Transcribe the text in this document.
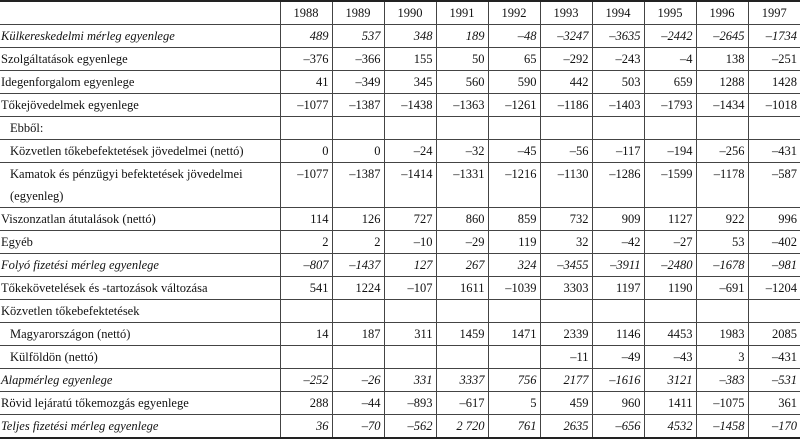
	1988	1989	1990	1991	1992	1993	1994	1995	1996	1997
Külkereskedelmi mérleg egyenlege	489	537	348	189	–48	–3247	–3635	–2442	–2645	–1734
Szolgáltatások egyenlege	–376	–366	155	50	65	–292	–243	–4	138	–251
Idegenforgalom egyenlege	41	–349	345	560	590	442	503	659	1288	1428
Tőkejövedelmek egyenlege	–1077	–1387	–1438	–1363	–1261	–1186	–1403	–1793	–1434	–1018
Ebből:										
Közvetlen tőkebefektetések jövedelmei (nettó)	0	0	–24	–32	–45	–56	–117	–194	–256	–431
Kamatok és pénzügyi befektetések jövedelmei (egyenleg)	–1077	–1387	–1414	–1331	–1216	–1130	–1286	–1599	–1178	–587
Viszonzatlan átutalások (nettó)	114	126	727	860	859	732	909	1127	922	996
Egyéb	2	2	–10	–29	119	32	–42	–27	53	–402
Folyó fizetési mérleg egyenlege	–807	–1437	127	267	324	–3455	–3911	–2480	–1678	–981
Tőkekövetelések és -tartozások változása	541	1224	–107	1611	–1039	3303	1197	1190	–691	–1204
Közvetlen tőkebefektetések										
Magyarországon (nettó)	14	187	311	1459	1471	2339	1146	4453	1983	2085
Külföldön (nettó)						–11	–49	–43	3	–431
Alapmérleg egyenlege	–252	–26	331	3337	756	2177	–1616	3121	–383	–531
Rövid lejáratú tőkemozgás egyenlege	288	–44	–893	–617	5	459	960	1411	–1075	361
Teljes fizetési mérleg egyenlege	36	–70	–562	2 720	761	2635	–656	4532	–1458	–170
